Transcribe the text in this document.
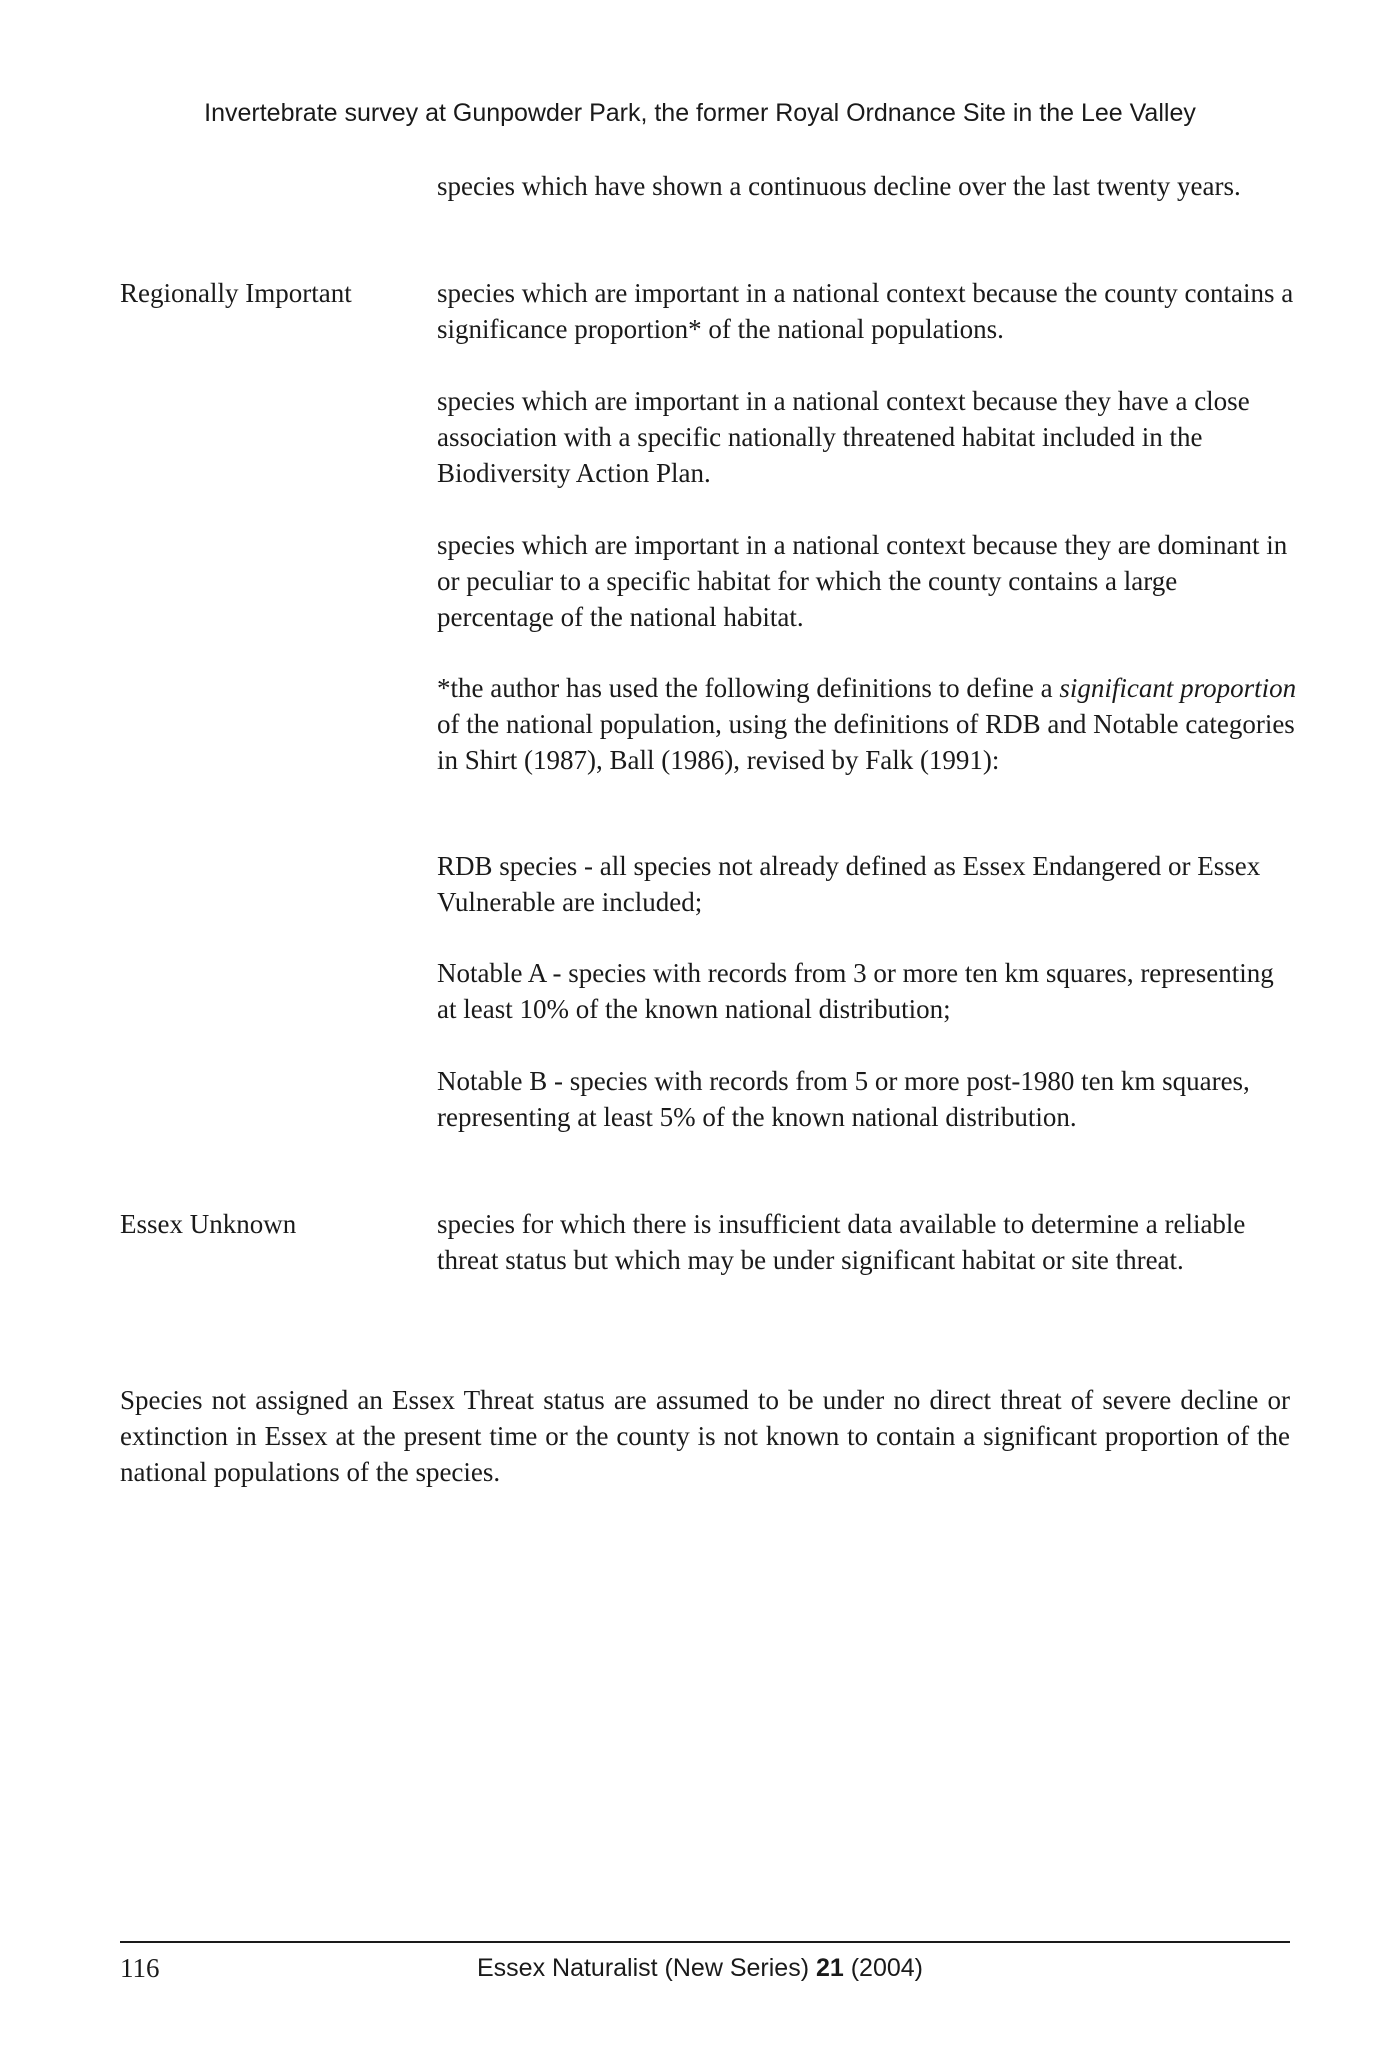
Invertebrate survey at Gunpowder Park, the former Royal Ordnance Site in the Lee Valley

species which have shown a continuous decline over the last twenty years.

Regionally Important	species which are important in a national context because the county contains a significance proportion* of the national populations.

species which are important in a national context because they have a close association with a specific nationally threatened habitat included in the Biodiversity Action Plan.

species which are important in a national context because they are dominant in or peculiar to a specific habitat for which the county contains a large percentage of the national habitat.

*the author has used the following definitions to define a significant proportion of the national population, using the definitions of RDB and Notable categories in Shirt (1987), Ball (1986), revised by Falk (1991):

RDB species - all species not already defined as Essex Endangered or Essex Vulnerable are included;

Notable A - species with records from 3 or more ten km squares, representing at least 10% of the known national distribution;

Notable B - species with records from 5 or more post-1980 ten km squares, representing at least 5% of the known national distribution.

Essex Unknown	species for which there is insufficient data available to determine a reliable threat status but which may be under significant habitat or site threat.

Species not assigned an Essex Threat status are assumed to be under no direct threat of severe decline or extinction in Essex at the present time or the county is not known to contain a significant proportion of the national populations of the species.

116	Essex Naturalist (New Series) 21 (2004)
